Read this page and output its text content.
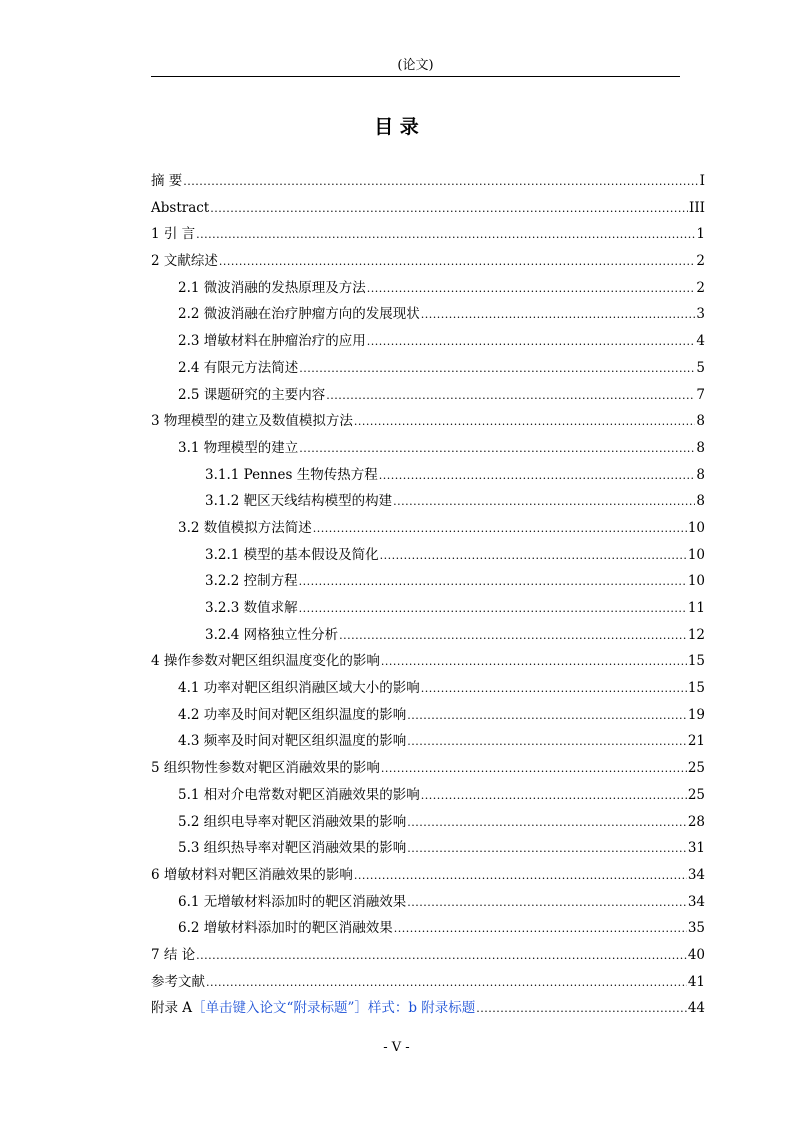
(论文)
目 录
摘 要 .....	I
Abstract .....	III
1 引 言 .....	1
2 文献综述 .....	2
2.1 微波消融的发热原理及方法 .....	2
2.2 微波消融在治疗肿瘤方向的发展现状 .....	3
2.3 增敏材料在肿瘤治疗的应用 .....	4
2.4 有限元方法简述 .....	5
2.5 课题研究的主要内容 .....	7
3 物理模型的建立及数值模拟方法 .....	8
3.1 物理模型的建立 .....	8
3.1.1 Pennes 生物传热方程 .....	8
3.1.2 靶区天线结构模型的构建 .....	8
3.2 数值模拟方法简述 .....	10
3.2.1 模型的基本假设及简化 .....	10
3.2.2 控制方程 .....	10
3.2.3 数值求解 .....	11
3.2.4 网格独立性分析 .....	12
4 操作参数对靶区组织温度变化的影响 .....	15
4.1 功率对靶区组织消融区域大小的影响 .....	15
4.2 功率及时间对靶区组织温度的影响 .....	19
4.3 频率及时间对靶区组织温度的影响 .....	21
5 组织物性参数对靶区消融效果的影响 .....	25
5.1 相对介电常数对靶区消融效果的影响 .....	25
5.2 组织电导率对靶区消融效果的影响 .....	28
5.3 组织热导率对靶区消融效果的影响 .....	31
6 增敏材料对靶区消融效果的影响 .....	34
6.1 无增敏材料添加时的靶区消融效果 .....	34
6.2 增敏材料添加时的靶区消融效果 .....	35
7 结 论 .....	40
参考文献 .....	41
附录 A［单击键入论文“附录标题”］样式：b 附录标题 .....	44
- V -
